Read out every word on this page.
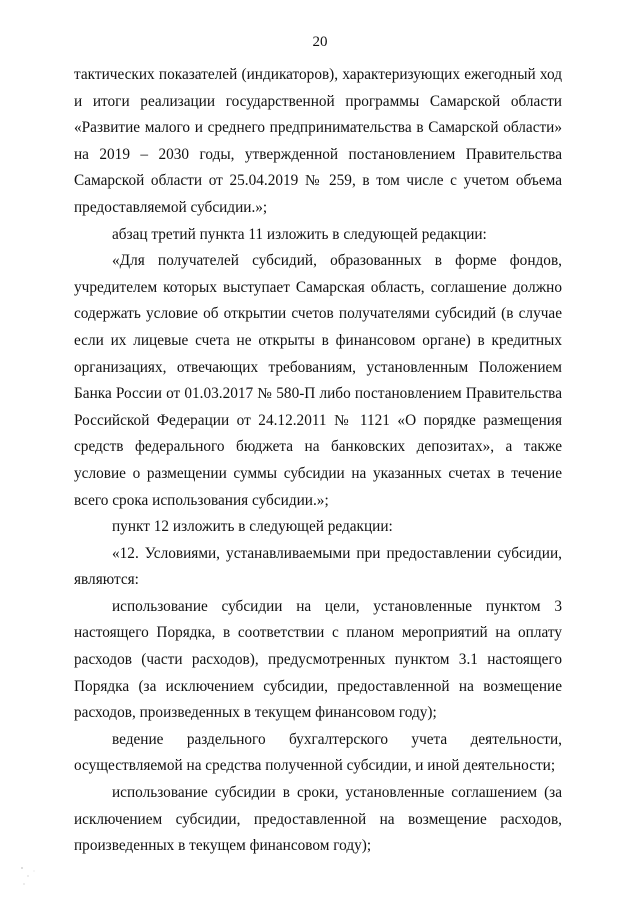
20

тактических показателей (индикаторов), характеризующих ежегодный ход и итоги реализации государственной программы Самарской области «Развитие малого и среднего предпринимательства в Самарской области» на 2019 – 2030 годы, утвержденной постановлением Правительства Самарской области от 25.04.2019 № 259, в том числе с учетом объема предоставляемой субсидии.»;

абзац третий пункта 11 изложить в следующей редакции:

«Для получателей субсидий, образованных в форме фондов, учредителем которых выступает Самарская область, соглашение должно содержать условие об открытии счетов получателями субсидий (в случае если их лицевые счета не открыты в финансовом органе) в кредитных организациях, отвечающих требованиям, установленным Положением Банка России от 01.03.2017 № 580-П либо постановлением Правительства Российской Федерации от 24.12.2011 № 1121 «О порядке размещения средств федерального бюджета на банковских депозитах», а также условие о размещении суммы субсидии на указанных счетах в течение всего срока использования субсидии.»;

пункт 12 изложить в следующей редакции:

«12. Условиями, устанавливаемыми при предоставлении субсидии, являются:

использование субсидии на цели, установленные пунктом 3 настоящего Порядка, в соответствии с планом мероприятий на оплату расходов (части расходов), предусмотренных пунктом 3.1 настоящего Порядка (за исключением субсидии, предоставленной на возмещение расходов, произведенных в текущем финансовом году);

ведение раздельного бухгалтерского учета деятельности, осуществляемой на средства полученной субсидии, и иной деятельности;

использование субсидии в сроки, установленные соглашением (за исключением субсидии, предоставленной на возмещение расходов, произведенных в текущем финансовом году);
